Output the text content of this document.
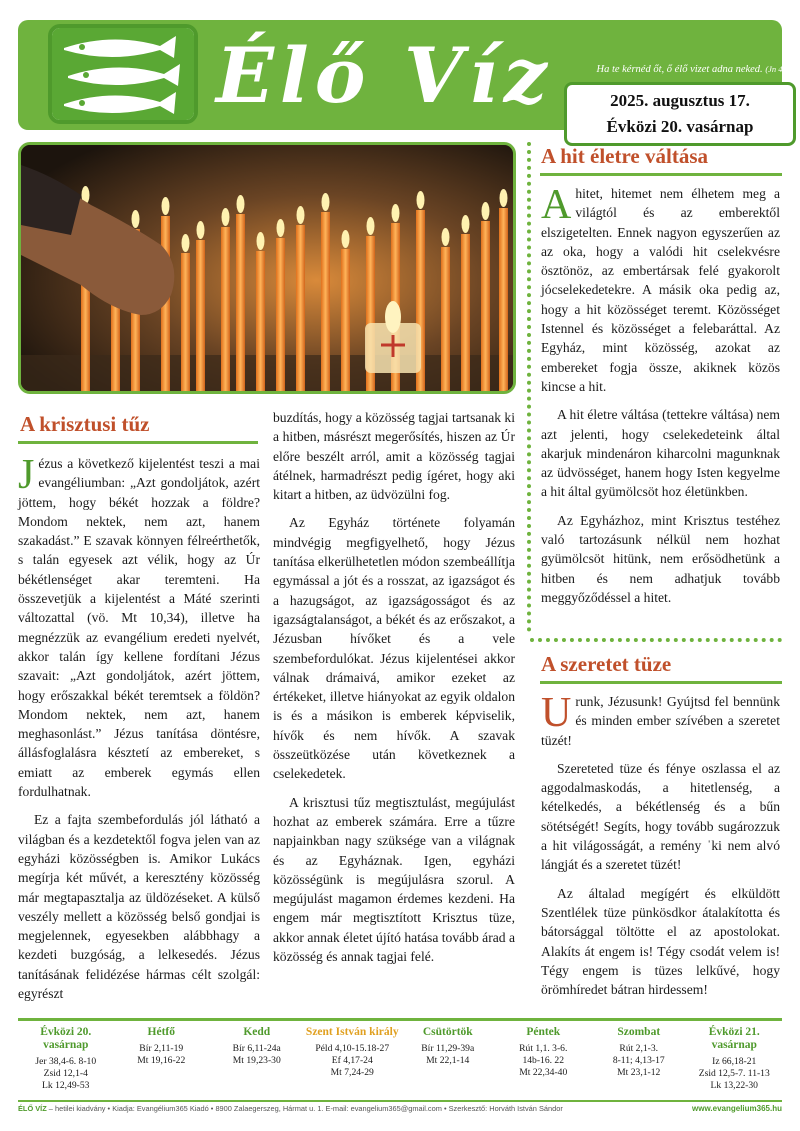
Élő Víz	Ha te kérnéd őt, ő élő vizet adna neked. (Jn 4,10)
2025. augusztus 17.
Évközi 20. vasárnap
A krisztusi tűz

Jézus a következő kijelentést teszi a mai evangéliumban: „Azt gondoljátok, azért jöttem, hogy békét hozzak a földre? Mondom nektek, nem azt, hanem szakadást.” E szavak könnyen félreérthetők, s talán egyesek azt vélik, hogy az Úr békétlenséget akar teremteni. Ha összevetjük a kijelentést a Máté szerinti változattal (vö. Mt 10,34), illetve ha megnézzük az evangélium eredeti nyelvét, akkor talán így kellene fordítani Jézus szavait: „Azt gondoljátok, azért jöttem, hogy erőszakkal békét teremtsek a földön? Mondom nektek, nem azt, hanem meghasonlást.” Jézus tanítása döntésre, állásfoglalásra késztetí az embereket, s emiatt az emberek egymás ellen fordulhatnak.

Ez a fajta szembefordulás jól látható a világban és a kezdetektől fogva jelen van az egyházi közösségben is. Amikor Lukács megírja két művét, a keresztény közösség már megtapasztalja az üldözéseket. A külső veszély mellett a közösség belső gondjai is megjelennek, egyesekben alábbhagy a kezdeti buzgóság, a lelkesedés. Jézus tanításának felidézése hármas célt szolgál: egyrészt

buzdítás, hogy a közösség tagjai tartsanak ki a hitben, másrészt megerősítés, hiszen az Úr előre beszélt arról, amit a közösség tagjai átélnek, harmadrészt pedig ígéret, hogy aki kitart a hitben, az üdvözülni fog.

Az Egyház története folyamán mindvégig megfigyelhető, hogy Jézus tanítása elkerülhetetlen módon szembeállítja egymással a jót és a rosszat, az igazságot és a hazugságot, az igazságosságot és az igazságtalanságot, a békét és az erőszakot, a Jézusban hívőket és a vele szembefordulókat. Jézus kijelentései akkor válnak drámaivá, amikor ezeket az értékeket, illetve hiányokat az egyik oldalon is és a másikon is emberek képviselik, hívők és nem hívők. A szavak összeütközése után következnek a cselekedetek.

A krisztusi tűz megtisztulást, megújulást hozhat az emberek számára. Erre a tűzre napjainkban nagy szüksége van a világnak és az Egyháznak. Igen, egyházi közösségünk is megújulásra szorul. A megújulást magamon érdemes kezdeni. Ha engem már megtisztított Krisztus tüze, akkor annak életet újító hatása tovább árad a közösség és annak tagjai felé.

A hit életre váltása

Ahitet, hitemet nem élhetem meg a világtól és az emberektől elszigetelten. Ennek nagyon egyszerűen az az oka, hogy a valódi hit cselekvésre ösztönöz, az embertársak felé gyakorolt jócselekedetekre. A másik oka pedig az, hogy a hit közösséget teremt. Közösséget Istennel és közösséget a felebaráttal. Az Egyház, mint közösség, azokat az embereket fogja össze, akiknek közös kincse a hit.

A hit életre váltása (tettekre váltása) nem azt jelenti, hogy cselekedeteink által akarjuk mindenáron kiharcolni magunknak az üdvösséget, hanem hogy Isten kegyelme a hit által gyümölcsöt hoz életünkben.

Az Egyházhoz, mint Krisztus testéhez való tartozásunk nélkül nem hozhat gyümölcsöt hitünk, nem erősödhetünk a hitben és nem adhatjuk tovább meggyőződéssel a hitet.

A szeretet tüze

Urunk, Jézusunk! Gyújtsd fel bennünk és minden ember szívében a szeretet tüzét!

Szereteted tüze és fénye oszlassa el az aggodalmaskodás, a hitetlenség, a kételkedés, a békétlenség és a bűn sötétségét! Segíts, hogy tovább sugározzuk a hit világosságát, a remény ˈki nem alvó lángját és a szeretet tüzét!

Az általad megígért és elküldött Szentlélek tüze pünkösdkor átalakította és bátorsággal töltötte el az apostolokat. Alakíts át engem is! Tégy csodát velem is! Tégy engem is tüzes lelkűvé, hogy örömhíredet bátran hirdessem!

Évközi 20. vasárnap
Jer 38,4-6. 8-10
Zsid 12,1-4
Lk 12,49-53
Hétfő
Bír 2,11-19
Mt 19,16-22
Kedd
Bír 6,11-24a
Mt 19,23-30
Szent István király
Péld 4,10-15.18-27
Ef 4,17-24
Mt 7,24-29
Csütörtök
Bír 11,29-39a
Mt 22,1-14
Péntek
Rút 1,1. 3-6.
14b-16. 22
Mt 22,34-40
Szombat
Rút 2,1-3.
8-11; 4,13-17
Mt 23,1-12
Évközi 21. vasárnap
Iz 66,18-21
Zsid 12,5-7. 11-13
Lk 13,22-30
ÉLŐ VÍZ – hetilei kiadvány • Kiadja: Evangélium365 Kiadó • 8900 Zalaegerszeg, Hármat u. 1. E-mail: evangelium365@gmail.com • Szerkesztő: Horváth István Sándor	www.evangelium365.hu
